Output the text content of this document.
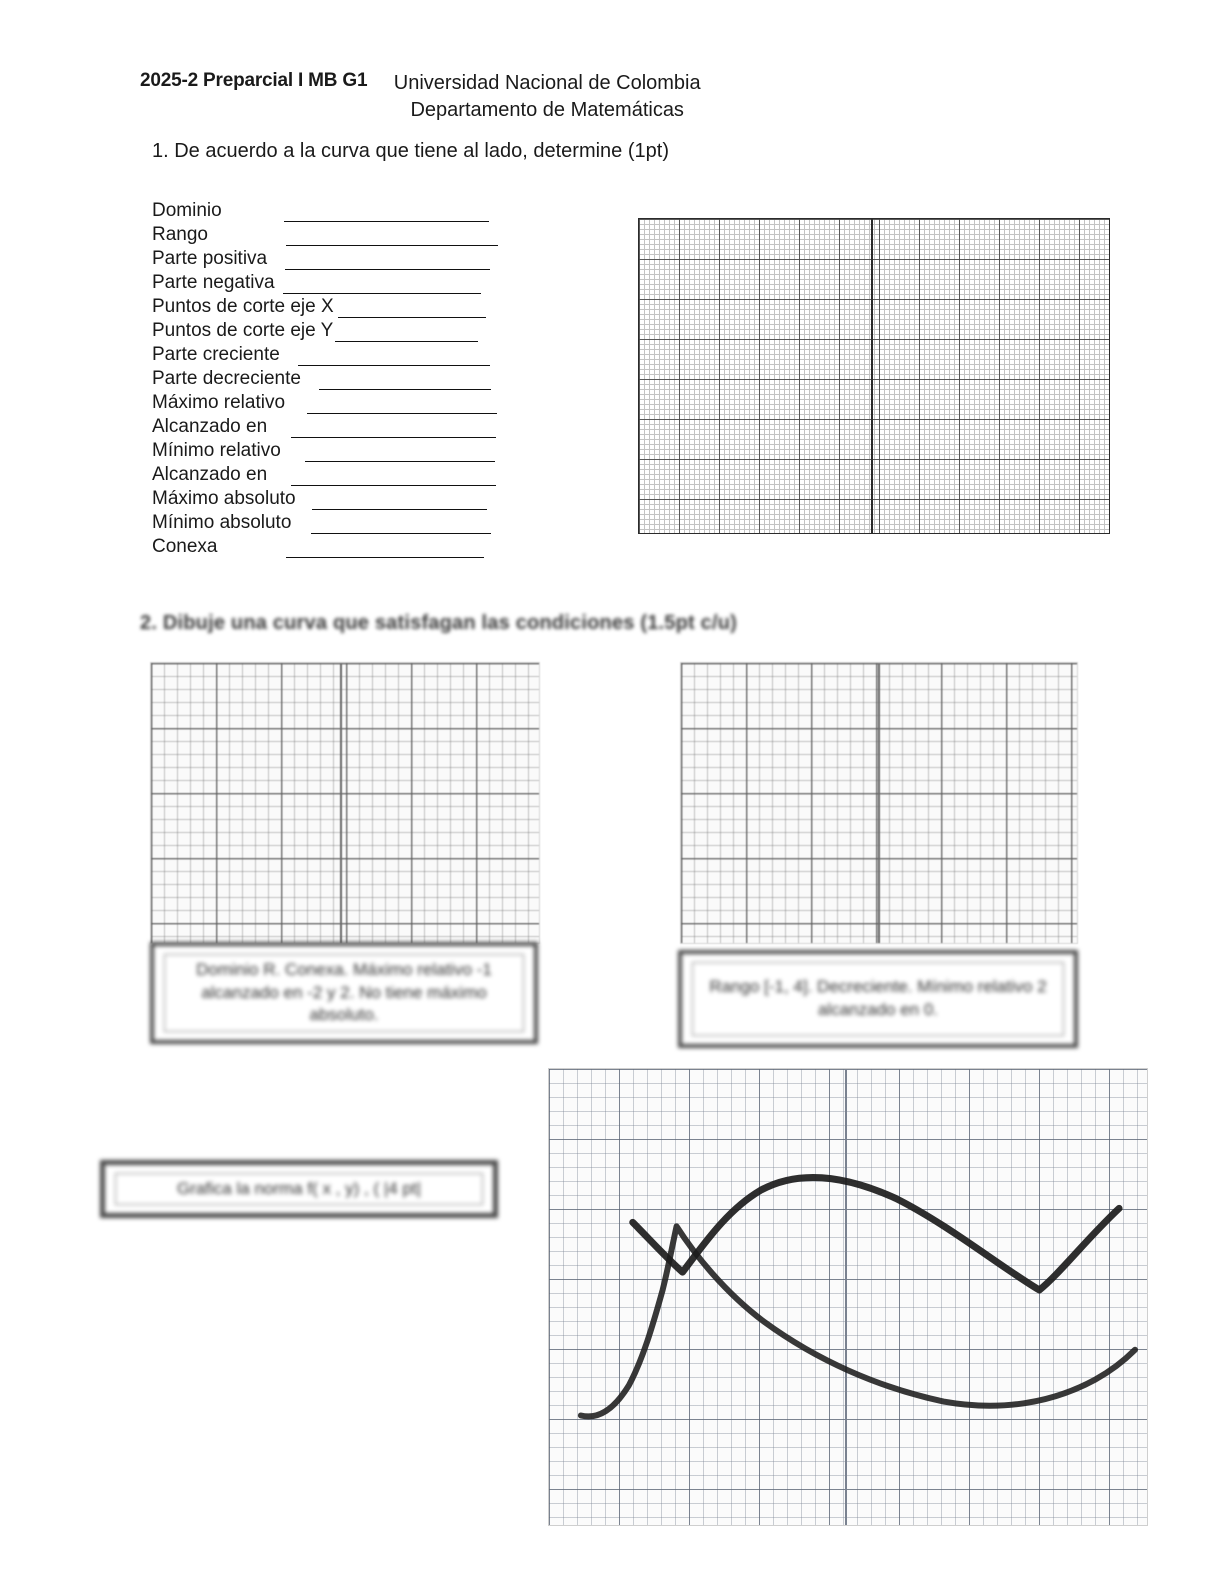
2025-2 Preparcial I MB G1 Universidad Nacional de Colombia
Departamento de Matemáticas
1. De acuerdo a la curva que tiene al lado, determine (1pt)
Dominio
Rango
Parte positiva
Parte negativa
Puntos de corte eje X
Puntos de corte eje Y
Parte creciente
Parte decreciente
Máximo relativo
Alcanzado en
Mínimo relativo
Alcanzado en
Máximo absoluto
Mínimo absoluto
Conexa
2. Dibuje una curva que satisfagan las condiciones (1.5pt c/u)
Dominio R. Conexa. Máximo relativo -1 alcanzado en -2 y 2. No tiene máximo absoluto.
Rango [-1, 4]. Decreciente. Mínimo relativo 2 alcanzado en 0.
Grafica la norma f( x , y) , ( |4 pt|
